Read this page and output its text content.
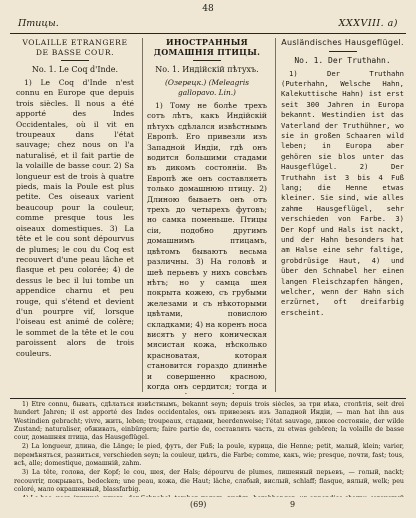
48
Птицы.	XXXVIII. a)
VOLAILLE ETRANGERE DE BASSE COUR.
No. 1. Le Coq d'Inde.

1) Le Coq d'Inde n'est connu en Europe que depuis trois siècles. Il nous a été apporté des Indes Occidentales, où il vit en troupeaux dans l'état sauvage; chez nous on l'a naturalisé, et il fait partie de la volaille de basse cour. 2) Sa longueur est de trois à quatre pieds, mais la Poule est plus petite. Ces oiseaux varient beaucoup pour la couleur, comme presque tous les oiseaux domestiques. 3) La tête et le cou sont dépourvus de plumes; le cou du Coq est recouvert d'une peau lâche et flasque et peu colorée; 4) de dessus le bec il lui tombe un appendice charnu et peu rouge, qui s'étend et devient d'un pourpre vif, lorsque l'oiseau est animé de colère; le sommet de la tête et le cou paroissent alors de trois couleurs.

ИНОСТРАННЫЯ ДОМАШНІЯ ПТИЦЫ.
No. 1. Индійскій пѣтухъ.
(Озерецк.) (Meleagris gallopavo. Lin.)

1) Тому не болѣе трехъ сотъ лѣтъ, какъ Индійскій пѣтухъ сдѣлался извѣстнымъ Европѣ. Его привезли изъ Западной Индіи, гдѣ онъ водится большими стадами въ дикомъ состояніи. Въ Европѣ же онъ составляетъ только домашнюю птицу. 2) Длиною бываетъ онъ отъ трехъ до четырехъ футовъ; но самка поменьше. Птицы сіи, подобно другимъ домашнимъ птицамъ, цвѣтомъ бываютъ весьма различны. 3) На головѣ и шеѣ перьевъ у нихъ совсѣмъ нѣтъ; но у самца шея покрыта кожею, съ грубыми железами и съ нѣкоторыми цвѣтами, повислою складками; 4) на коренъ носа висятъ у него коническая мясистая кожа, нѣсколько красноватая, которая становится гораздо длиннѣе и совершенно красною, когда онъ сердится; тогда и

Ausländisches Hausgeflügel.
No. 1. Der Truthahn.

1) Der Truthahn (Puterhahn, Welsche Hahn, Kalekuttische Hahn) ist erst seit 300 Jahren in Europa bekannt. Westindien ist das Vaterland der Truthühner, wo sie in großen Schaaren wild leben; in Europa aber gehören sie blos unter das Hausgeflügel. 2) Der Truthahn ist 3 bis 4 Fuß lang; die Henne etwas kleiner. Sie sind, wie alles zahme Hausgeflügel, sehr verschieden von Farbe. 3) Der Kopf und Hals ist nackt, und der Hahn besonders hat am Halse eine sehr faltige, grobdrüsige Haut, 4) und über den Schnabel her einen langen Fleischzapfen hängen, welcher, wenn der Hahn sich erzürnet, oft dreifarbig erscheint.

1) Être connu, бывать, сдѣлаться извѣстнымъ, bekannt seyn; depuis trois siècles, за три вѣка, столѣтія, seit drei hundert Jahren; il est apporté des Indes occidentales, онъ привезенъ изъ Западной Индіи, — man hat ihn aus Westindien gebracht; vivre, жить, leben; troupeaux, стадами, heerdenweise; l'état sauvage, дикое состояніе, der wilde Zustand; naturaliser, обживать, einbürgern; faire partie de, составлять часть, zu etwas gehören; la volaille de basse cour, домашняя птица, das Hausgeflügel.

2) La longueur, длина, die Länge; le pied, футъ, der Fuß; la poule, курица, die Henne; petit, малый, klein; varier, перемѣняться, разниться, verschieden seyn; la couleur, цвѣтъ, die Farbe; comme, какъ, wie; presque, почти, fast; tous, всѣ, alle; domestique, домашній, zahm.

3) La tête, голова, der Kopf; le cou, шея, der Hals; dépourvu de plumes, лишенный перьевъ, — голый, nackt; recouvrir, покрывать, bedecken; une peau, кожа, die Haut; lâche, слабый, вислый, schlaff; flasque, вялый, welk; peu coloré, мало окрашенный, blassfarbig.

(69)	9
